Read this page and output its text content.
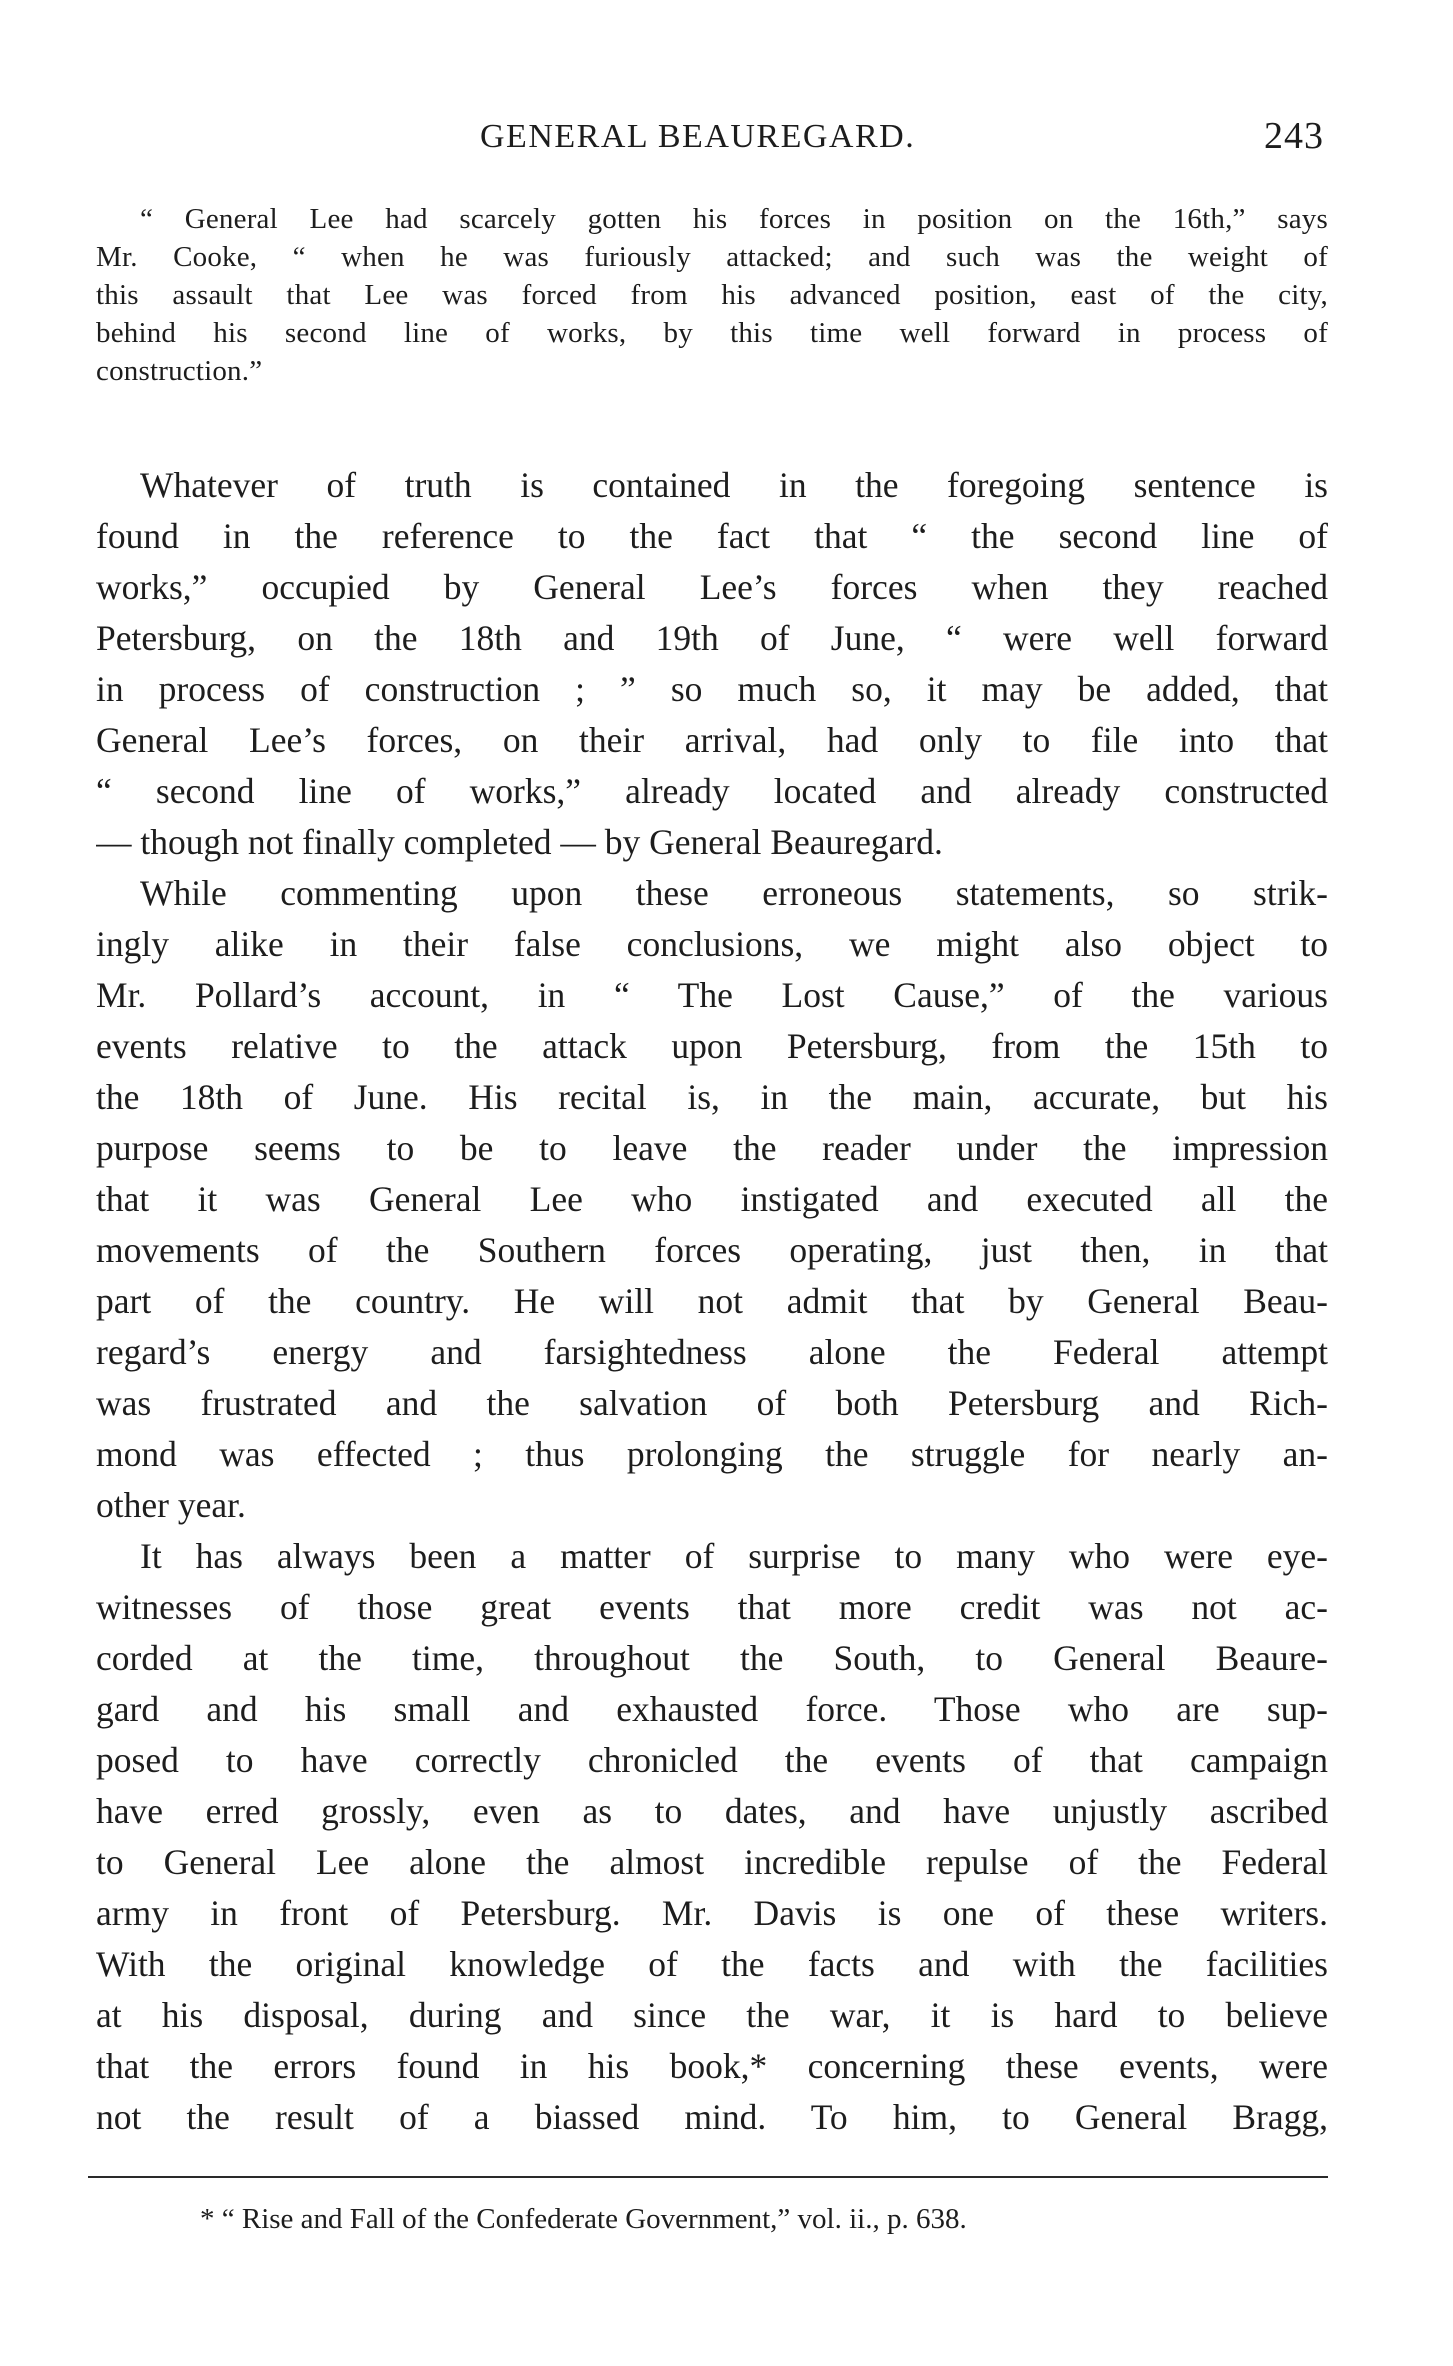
GENERAL BEAUREGARD.	243
“ General Lee had scarcely gotten his forces in position on the 16th,” says
Mr. Cooke, “ when he was furiously attacked; and such was the weight of
this assault that Lee was forced from his advanced position, east of the city,
behind his second line of works, by this time well forward in process of
construction.”
Whatever of truth is contained in the foregoing sentence is
found in the reference to the fact that “ the second line of
works,” occupied by General Lee’s forces when they reached
Petersburg, on the 18th and 19th of June, “ were well forward
in process of construction ; ” so much so, it may be added, that
General Lee’s forces, on their arrival, had only to file into that
“ second line of works,” already located and already constructed
— though not finally completed — by General Beauregard.
While commenting upon these erroneous statements, so strik-
ingly alike in their false conclusions, we might also object to
Mr. Pollard’s account, in “ The Lost Cause,” of the various
events relative to the attack upon Petersburg, from the 15th to
the 18th of June. His recital is, in the main, accurate, but his
purpose seems to be to leave the reader under the impression
that it was General Lee who instigated and executed all the
movements of the Southern forces operating, just then, in that
part of the country. He will not admit that by General Beau-
regard’s energy and farsightedness alone the Federal attempt
was frustrated and the salvation of both Petersburg and Rich-
mond was effected ; thus prolonging the struggle for nearly an-
other year.
It has always been a matter of surprise to many who were eye-
witnesses of those great events that more credit was not ac-
corded at the time, throughout the South, to General Beaure-
gard and his small and exhausted force. Those who are sup-
posed to have correctly chronicled the events of that campaign
have erred grossly, even as to dates, and have unjustly ascribed
to General Lee alone the almost incredible repulse of the Federal
army in front of Petersburg. Mr. Davis is one of these writers.
With the original knowledge of the facts and with the facilities
at his disposal, during and since the war, it is hard to believe
that the errors found in his book,* concerning these events, were
not the result of a biassed mind. To him, to General Bragg,
* “ Rise and Fall of the Confederate Government,” vol. ii., p. 638.
